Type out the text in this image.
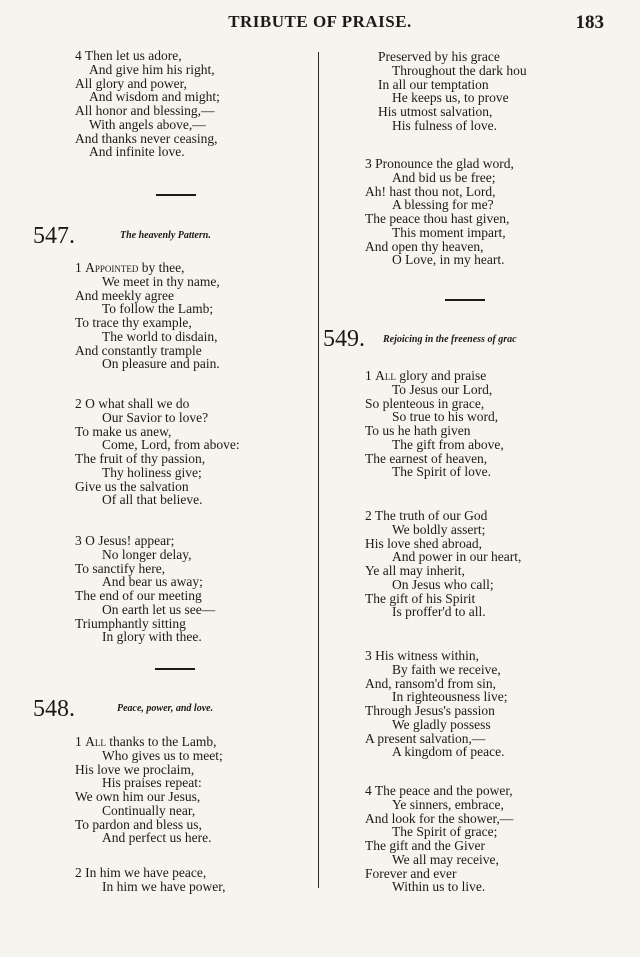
TRIBUTE OF PRAISE.	183
547.	The heavenly Pattern.
548.	Peace, power, and love.
549. Rejoicing in the freeness of grac
4 Then let us adore,
And give him his right,
All glory and power,
And wisdom and might;
All honor and blessing,—
With angels above,—
And thanks never ceasing,
And infinite love.
1 Appointed by thee,
We meet in thy name,
And meekly agree
To follow the Lamb;
To trace thy example,
The world to disdain,
And constantly trample
On pleasure and pain.
2 O what shall we do
Our Savior to love?
To make us anew,
Come, Lord, from above:
The fruit of thy passion,
Thy holiness give;
Give us the salvation
Of all that believe.
3 O Jesus! appear;
No longer delay,
To sanctify here,
And bear us away;
The end of our meeting
On earth let us see—
Triumphantly sitting
In glory with thee.
1 All thanks to the Lamb,
Who gives us to meet;
His love we proclaim,
His praises repeat:
We own him our Jesus,
Continually near,
To pardon and bless us,
And perfect us here.
2 In him we have peace,
In him we have power,
Preserved by his grace
Throughout the dark hou
In all our temptation
He keeps us, to prove
His utmost salvation,
His fulness of love.
3 Pronounce the glad word,
And bid us be free;
Ah! hast thou not, Lord,
A blessing for me?
The peace thou hast given,
This moment impart,
And open thy heaven,
O Love, in my heart.
1 All glory and praise
To Jesus our Lord,
So plenteous in grace,
So true to his word,
To us he hath given
The gift from above,
The earnest of heaven,
The Spirit of love.
2 The truth of our God
We boldly assert;
His love shed abroad,
And power in our heart,
Ye all may inherit,
On Jesus who call;
The gift of his Spirit
Is proffer'd to all.
3 His witness within,
By faith we receive,
And, ransom'd from sin,
In righteousness live;
Through Jesus's passion
We gladly possess
A present salvation,—
A kingdom of peace.
4 The peace and the power,
Ye sinners, embrace,
And look for the shower,—
The Spirit of grace;
The gift and the Giver
We all may receive,
Forever and ever
Within us to live.
